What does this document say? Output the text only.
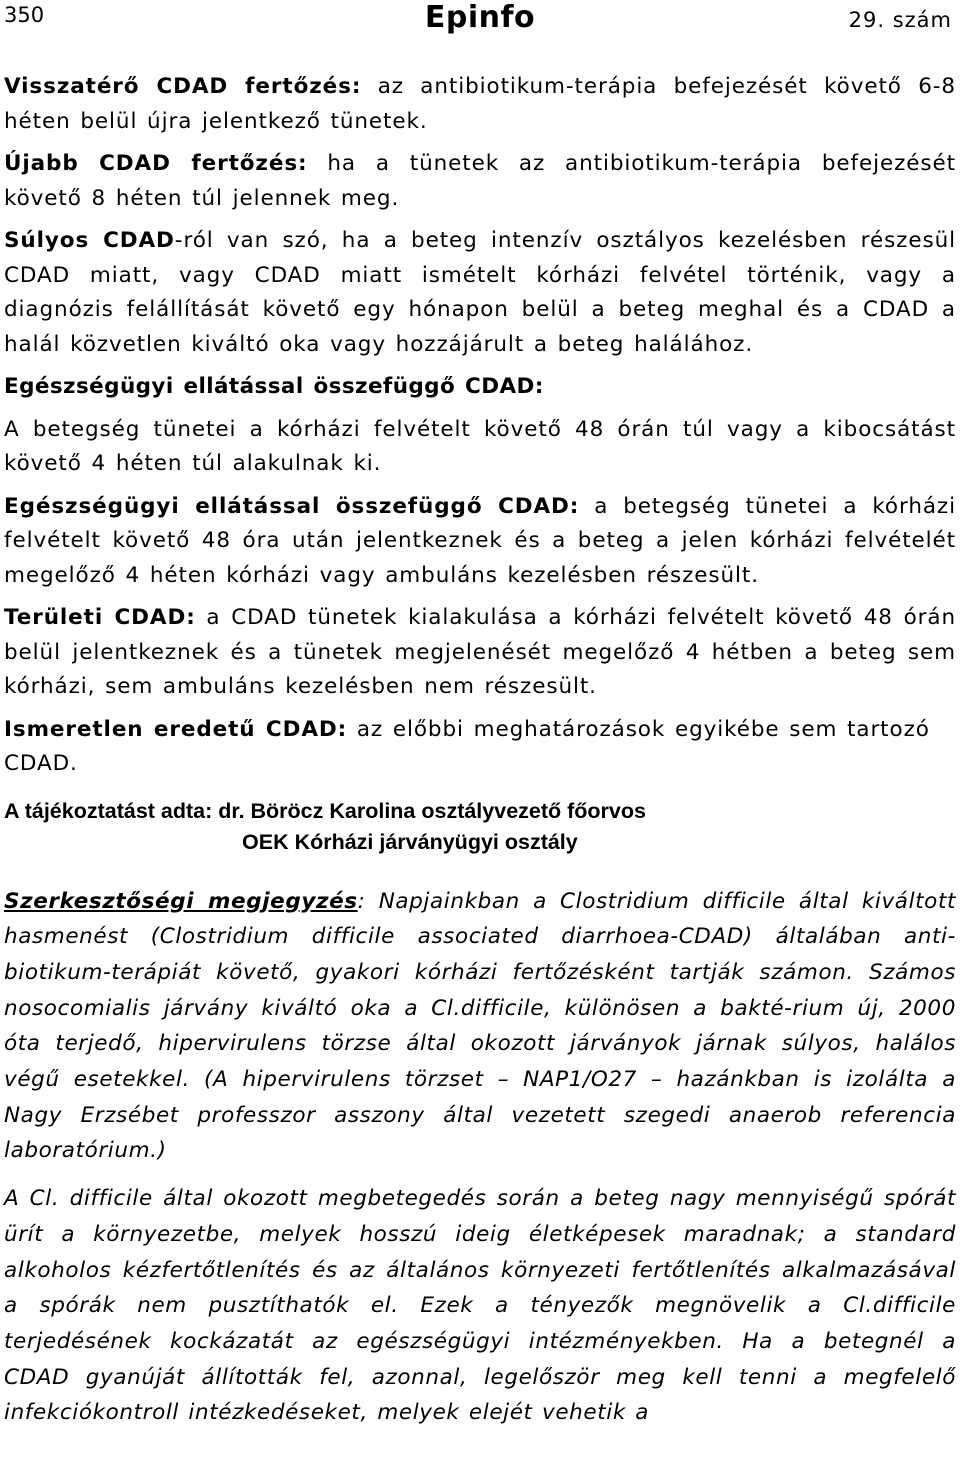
350	Epinfo	29. szám

Visszatérő CDAD fertőzés: az antibiotikum-terápia befejezését követő 6-8 héten belül újra jelentkező tünetek.

Újabb CDAD fertőzés: ha a tünetek az antibiotikum-terápia befejezését követő 8 héten túl jelennek meg.

Súlyos CDAD-ról van szó, ha a beteg intenzív osztályos kezelésben részesül CDAD miatt, vagy CDAD miatt ismételt kórházi felvétel történik, vagy a diagnózis felállítását követő egy hónapon belül a beteg meghal és a CDAD a halál közvetlen kiváltó oka vagy hozzájárult a beteg halálához.

Egészségügyi ellátással összefüggő CDAD:

A betegség tünetei a kórházi felvételt követő 48 órán túl vagy a kibocsátást követő 4 héten túl alakulnak ki.

Egészségügyi ellátással összefüggő CDAD: a betegség tünetei a kórházi felvételt követő 48 óra után jelentkeznek és a beteg a jelen kórházi felvételét megelőző 4 héten kórházi vagy ambuláns kezelésben részesült.

Területi CDAD: a CDAD tünetek kialakulása a kórházi felvételt követő 48 órán belül jelentkeznek és a tünetek megjelenését megelőző 4 hétben a beteg sem kórházi, sem ambuláns kezelésben nem részesült.

Ismeretlen eredetű CDAD: az előbbi meghatározások egyikébe sem tartozó CDAD.

A tájékoztatást adta: dr. Böröcz Karolina osztályvezető főorvos
OEK Kórházi járványügyi osztály

Szerkesztőségi megjegyzés: Napjainkban a Clostridium difficile által kiváltott hasmenést (Clostridium difficile associated diarrhoea-CDAD) általában anti-biotikum-terápiát követő, gyakori kórházi fertőzésként tartják számon. Számos nosocomialis járvány kiváltó oka a Cl.difficile, különösen a bakté-rium új, 2000 óta terjedő, hipervirulens törzse által okozott járványok járnak súlyos, halálos végű esetekkel. (A hipervirulens törzset – NAP1/O27 – hazánkban is izolálta a Nagy Erzsébet professzor asszony által vezetett szegedi anaerob referencia laboratórium.)

A Cl. difficile által okozott megbetegedés során a beteg nagy mennyiségű spórát ürít a környezetbe, melyek hosszú ideig életképesek maradnak; a standard alkoholos kézfertőtlenítés és az általános környezeti fertőtlenítés alkalmazásával a spórák nem pusztíthatók el. Ezek a tényezők megnövelik a Cl.difficile terjedésének kockázatát az egészségügyi intézményekben. Ha a betegnél a CDAD gyanúját állították fel, azonnal, legelőször meg kell tenni a megfelelő infekciókontroll intézkedéseket, melyek elejét vehetik a
